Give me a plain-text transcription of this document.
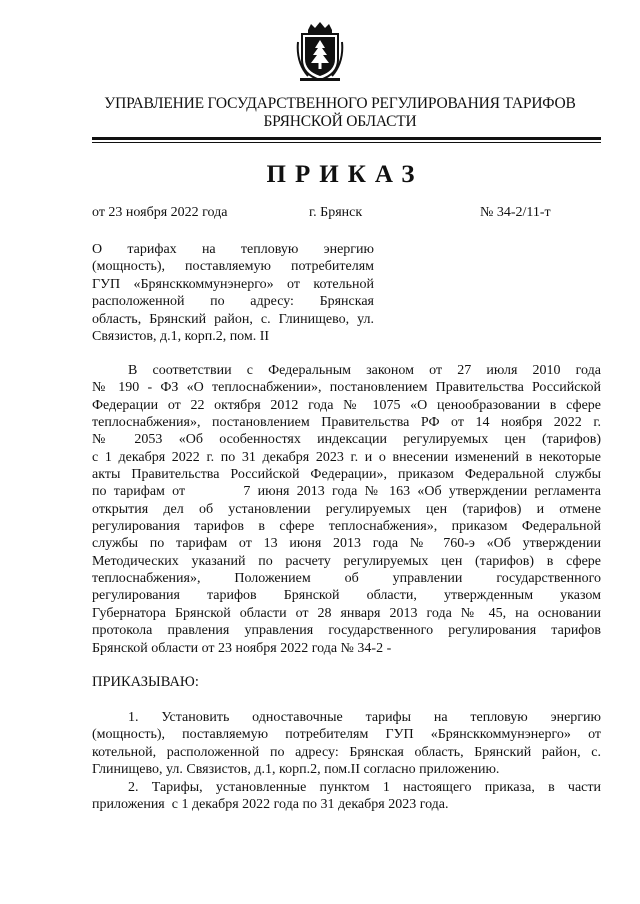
УПРАВЛЕНИЕ ГОСУДАРСТВЕННОГО РЕГУЛИРОВАНИЯ ТАРИФОВ
БРЯНСКОЙ ОБЛАСТИ
ПРИКАЗ
от 23 ноября 2022 года	г. Брянск	№ 34-2/11-т
О тарифах на тепловую энергию
(мощность), поставляемую потребителям
ГУП «Брянсккоммунэнерго» от котельной
расположенной по адресу: Брянская
область, Брянский район, с. Глинищево, ул.
Связистов, д.1, корп.2, пом. II
В соответствии с Федеральным законом от 27 июля 2010 года
№ 190 - ФЗ «О теплоснабжении», постановлением Правительства Российской
Федерации от 22 октября 2012 года № 1075 «О ценообразовании в сфере
теплоснабжения», постановлением Правительства РФ от 14 ноября 2022 г.
№ 2053 «Об особенностях индексации регулируемых цен (тарифов)
с 1 декабря 2022 г. по 31 декабря 2023 г. и о внесении изменений в некоторые
акты Правительства Российской Федерации», приказом Федеральной службы
по тарифам от        7 июня 2013 года № 163 «Об утверждении регламента
открытия дел об установлении регулируемых цен (тарифов) и отмене
регулирования тарифов в сфере теплоснабжения», приказом Федеральной
службы по тарифам от 13 июня 2013 года № 760-э «Об утверждении
Методических указаний по расчету регулируемых цен (тарифов) в сфере
теплоснабжения», Положением об управлении государственного
регулирования тарифов Брянской области, утвержденным указом
Губернатора Брянской области от 28 января 2013 года № 45, на основании
протокола правления управления государственного регулирования тарифов
Брянской области от 23 ноября 2022 года № 34-2 -
ПРИКАЗЫВАЮ:
1. Установить одноставочные тарифы на тепловую энергию
(мощность), поставляемую потребителям ГУП «Брянсккоммунэнерго» от
котельной, расположенной по адресу: Брянская область, Брянский район, с.
Глинищево, ул. Связистов, д.1, корп.2, пом.II согласно приложению.
2. Тарифы, установленные пунктом 1 настоящего приказа, в части
приложения  с 1 декабря 2022 года по 31 декабря 2023 года.
